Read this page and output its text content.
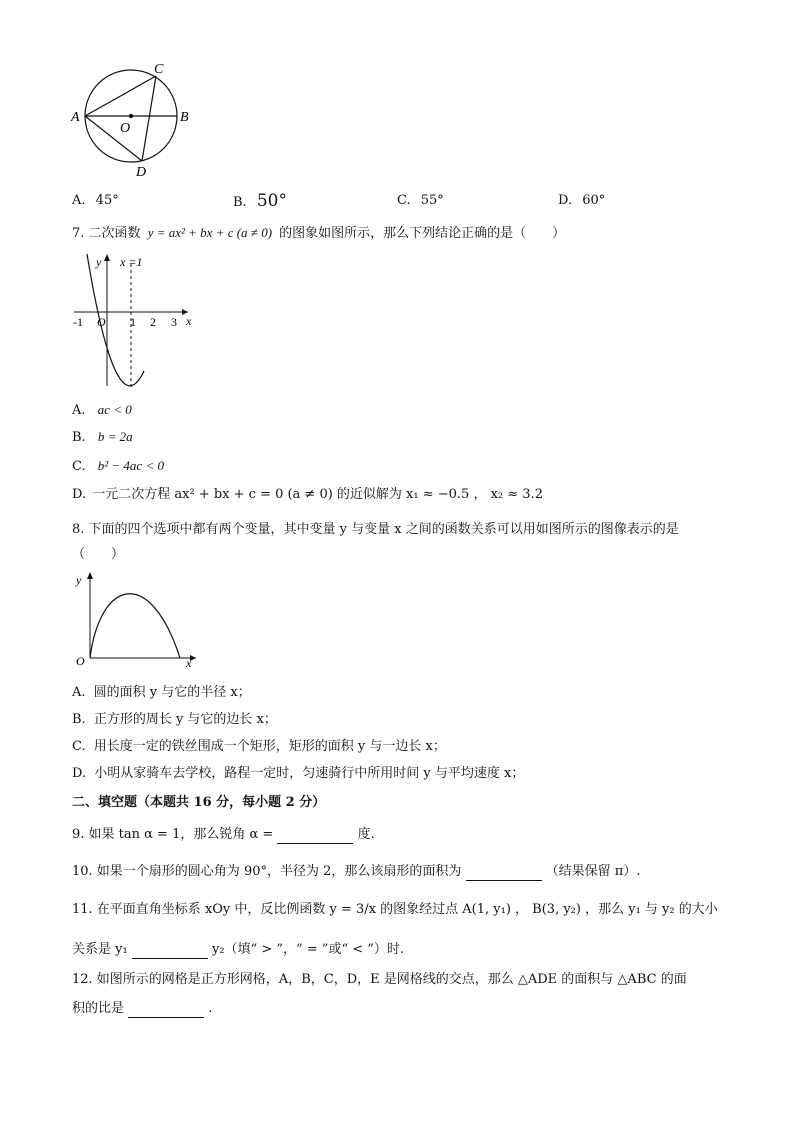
A	B
C
D
O
A. 45°	B. 50°	C. 55°	D. 60°
7. 二次函数 y = ax² + bx + c (a ≠ 0) 的图象如图所示，那么下列结论正确的是（　　）
y x =1
O
-1	1 2 3 x
A. ac < 0
B. b = 2a
C. b² − 4ac < 0
D. 一元二次方程 ax² + bx + c = 0 (a ≠ 0) 的近似解为 x₁ ≈ −0.5 ， x₂ ≈ 3.2
8. 下面的四个选项中都有两个变量，其中变量 y 与变量 x 之间的函数关系可以用如图所示的图像表示的是
（　　）
y
O	x
A. 圆的面积 y 与它的半径 x；
B. 正方形的周长 y 与它的边长 x；
C. 用长度一定的铁丝围成一个矩形，矩形的面积 y 与一边长 x；
D. 小明从家骑车去学校，路程一定时，匀速骑行中所用时间 y 与平均速度 x；
二、填空题（本题共 16 分，每小题 2 分）
9. 如果 tan α = 1，那么锐角 α =	度.
10. 如果一个扇形的圆心角为 90°，半径为 2，那么该扇形的面积为	（结果保留 π）.
11. 在平面直角坐标系 xOy 中，反比例函数 y = 3/x 的图象经过点 A(1, y₁) ， B(3, y₂) ，那么 y₁ 与 y₂ 的大小
关系是 y₁	y₂（填“ > ”，“ = ”或“ < ”）时.
12. 如图所示的网格是正方形网格，A，B，C，D，E 是网格线的交点，那么 △ADE 的面积与 △ABC 的面
积的比是	.
